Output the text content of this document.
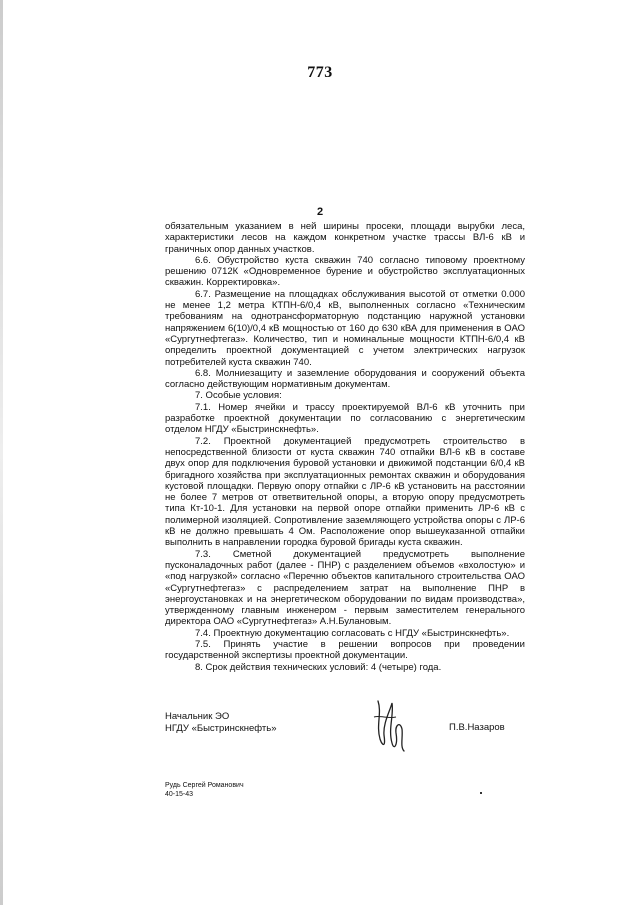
773
2

обязательным указанием в ней ширины просеки, площади вырубки леса, характеристики лесов на каждом конкретном участке трассы ВЛ-6 кВ и граничных опор данных участков.

6.6. Обустройство куста скважин 740 согласно типовому проектному решению 0712К «Одновременное бурение и обустройство эксплуатационных скважин. Корректировка».

6.7. Размещение на площадках обслуживания высотой от отметки 0.000 не менее 1,2 метра КТПН-6/0,4 кВ, выполненных согласно «Техническим требованиям на однотрансформаторную подстанцию наружной установки напряжением 6(10)/0,4 кВ мощностью от 160 до 630 кВА для применения в ОАО «Сургутнефтегаз». Количество, тип и номинальные мощности КТПН-6/0,4 кВ определить проектной документацией с учетом электрических нагрузок потребителей куста скважин 740.

6.8. Молниезащиту и заземление оборудования и сооружений объекта согласно действующим нормативным документам.

7. Особые условия:

7.1. Номер ячейки и трассу проектируемой ВЛ-6 кВ уточнить при разработке проектной документации по согласованию с энергетическим отделом НГДУ «Быстринскнефть».

7.2. Проектной документацией предусмотреть строительство в непосредственной близости от куста скважин 740 отпайки ВЛ-6 кВ в составе двух опор для подключения буровой установки и движимой подстанции 6/0,4 кВ бригадного хозяйства при эксплуатационных ремонтах скважин и оборудования кустовой площадки. Первую опору отпайки с ЛР-6 кВ установить на расстоянии не более 7 метров от ответвительной опоры, а вторую опору предусмотреть типа Кт-10-1. Для установки на первой опоре отпайки применить ЛР-6 кВ с полимерной изоляцией. Сопротивление заземляющего устройства опоры с ЛР-6 кВ не должно превышать 4 Ом. Расположение опор вышеуказанной отпайки выполнить в направлении городка буровой бригады куста скважин.

7.3. Сметной документацией предусмотреть выполнение пусконаладочных работ (далее - ПНР) с разделением объемов «вхолостую» и «под нагрузкой» согласно «Перечню объектов капитального строительства ОАО «Сургутнефтегаз» с распределением затрат на выполнение ПНР в энергоустановках и на энергетическом оборудовании по видам производства», утвержденному главным инженером - первым заместителем генерального директора ОАО «Сургутнефтегаз» А.Н.Булановым.

7.4. Проектную документацию согласовать с НГДУ «Быстринскнефть».

7.5. Принять участие в решении вопросов при проведении государственной экспертизы проектной документации.

8. Срок действия технических условий: 4 (четыре) года.

Начальник ЭО
НГДУ «Быстринскнефть»	П.В.Назаров
Рудь Сергей Романович
40-15-43
